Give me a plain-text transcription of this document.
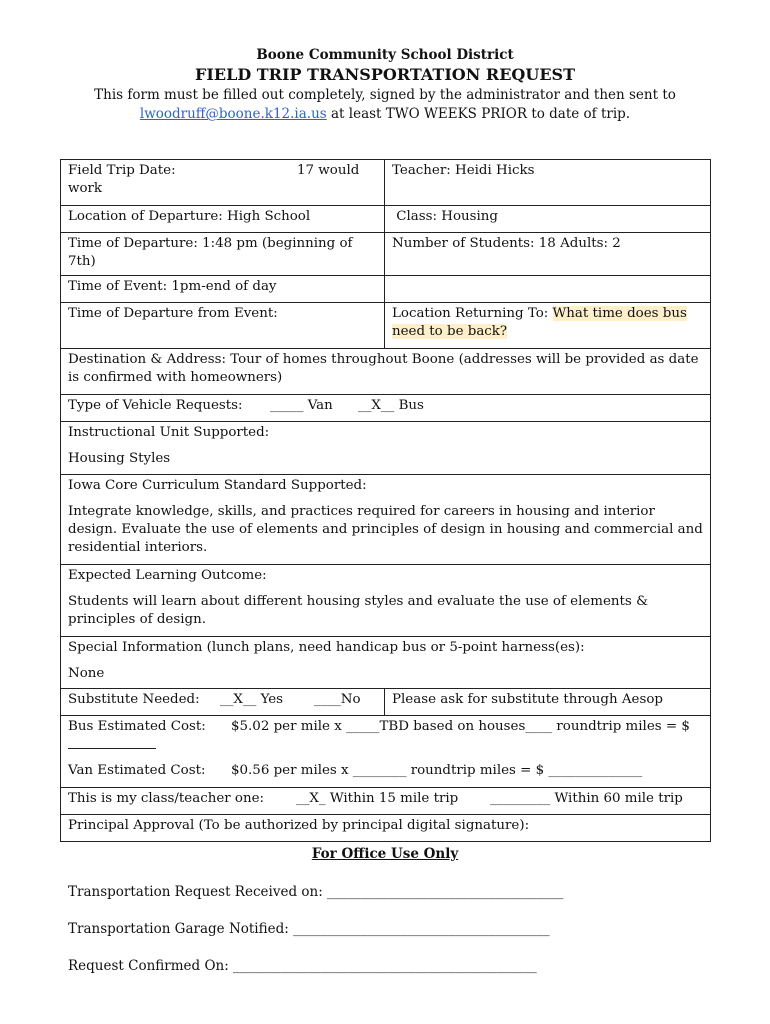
Boone Community School District
FIELD TRIP TRANSPORTATION REQUEST
This form must be filled out completely, signed by the administrator and then sent to
lwoodruff@boone.k12.ia.us at least TWO WEEKS PRIOR to date of trip.
Field Trip Date: 17 would
work	Teacher: Heidi Hicks
Location of Departure: High School	Class: Housing
Time of Departure: 1:48 pm (beginning of 7th)	Number of Students: 18 Adults: 2
Time of Event: 1pm-end of day	
Time of Departure from Event:	Location Returning To: What time does bus need to be back?
Destination & Address: Tour of homes throughout Boone (addresses will be provided as date is confirmed with homeowners)	
Type of Vehicle Requests: _____ Van __X__ Bus	

Instructional Unit Supported:
Housing Styles	

Iowa Core Curriculum Standard Supported:
Integrate knowledge, skills, and practices required for careers in housing and interior design. Evaluate the use of elements and principles of design in housing and commercial and residential interiors.	

Expected Learning Outcome:
Students will learn about different housing styles and evaluate the use of elements & principles of design.	

Special Information (lunch plans, need handicap bus or 5-point harness(es):
None	

Substitute Needed: __X__ Yes ____No	Please ask for substitute through Aesop

Bus Estimated Cost: $5.02 per mile x _____TBD based on houses____ roundtrip miles = $
Van Estimated Cost: $0.56 per miles x ________ roundtrip miles = $ ______________	

This is my class/teacher one: __X_ Within 15 mile trip _________ Within 60 mile trip	
Principal Approval (To be authorized by principal digital signature):	
For Office Use Only
Transportation Request Received on: ___________________________________
Transportation Garage Notified: ______________________________________
Request Confirmed On: _____________________________________________
